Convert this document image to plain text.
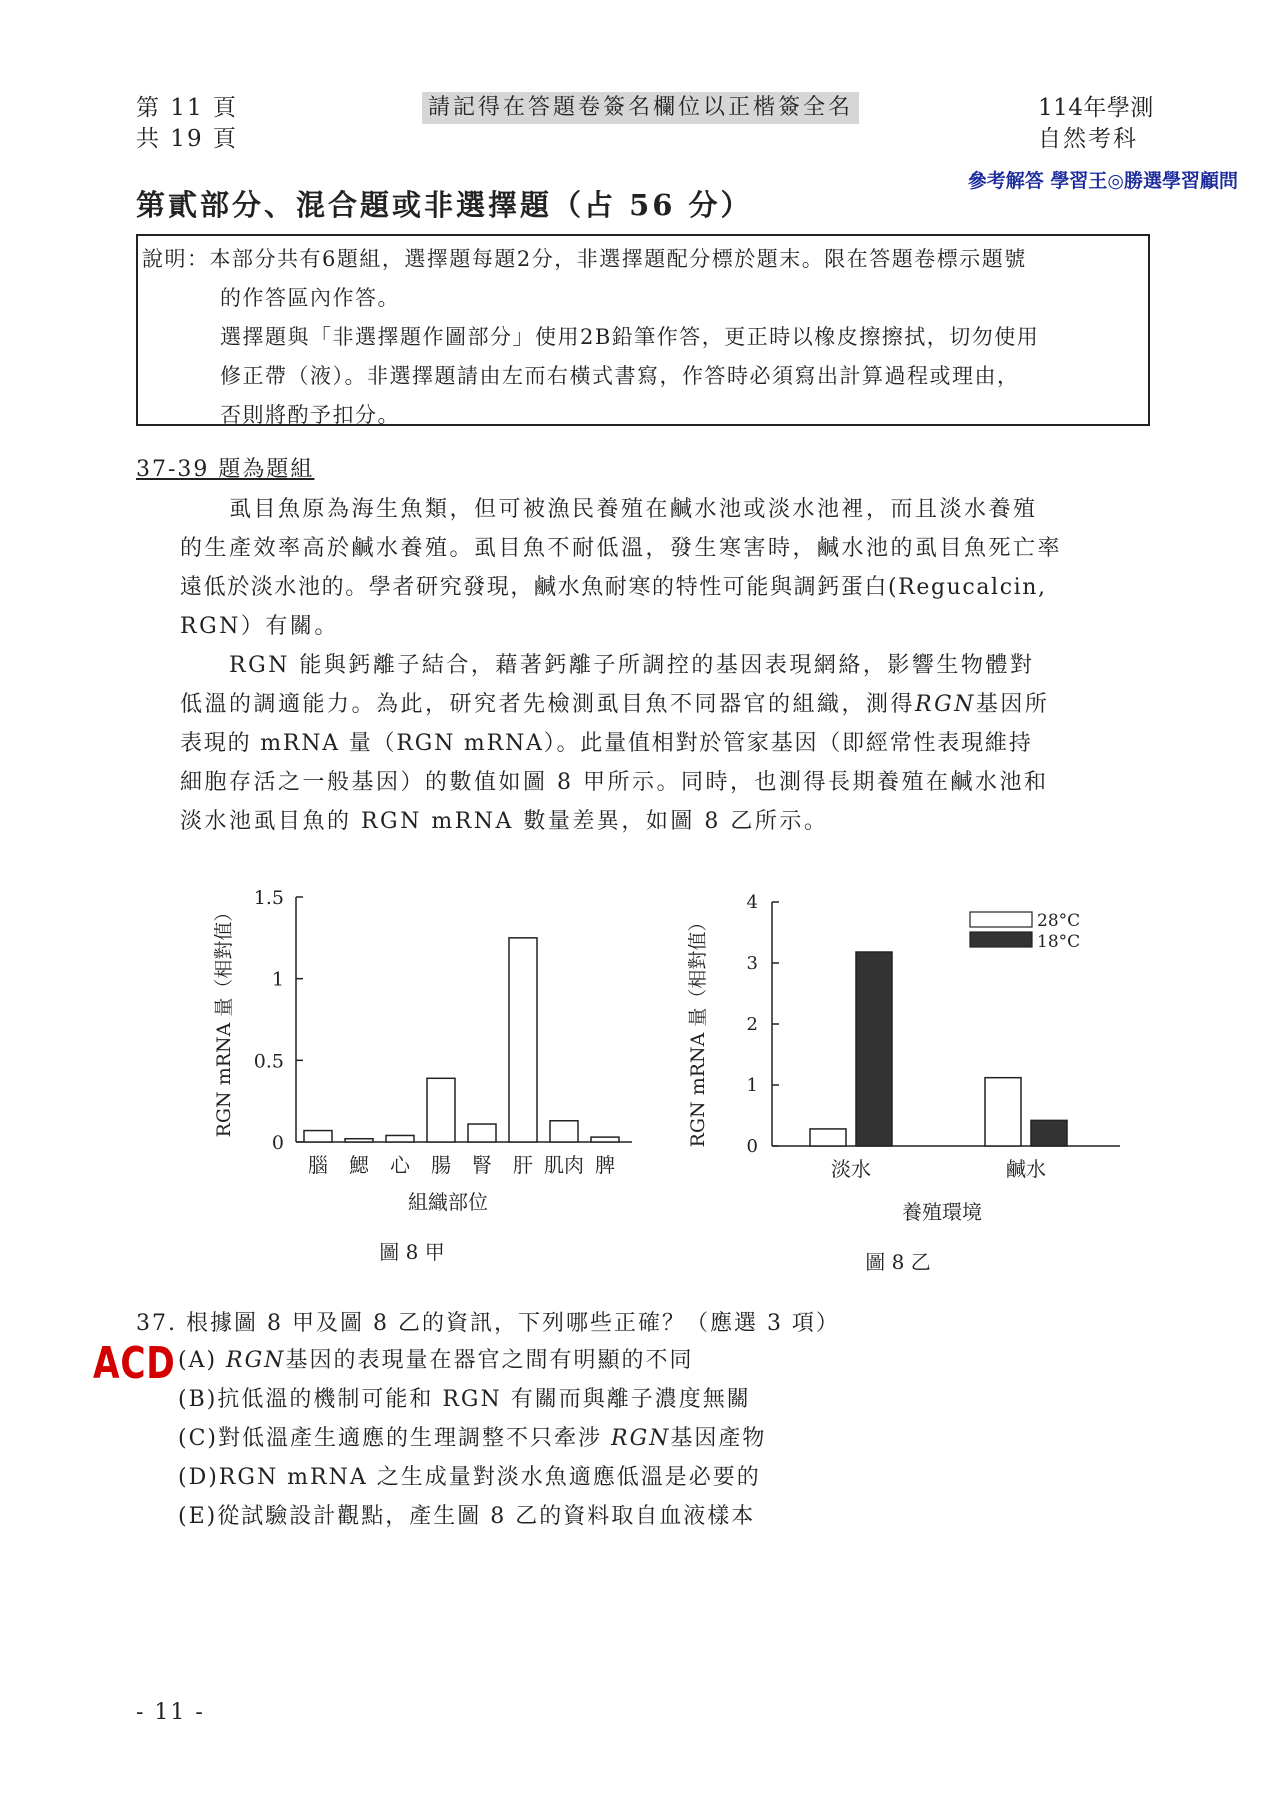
第 11 頁
共 19 頁
請記得在答題卷簽名欄位以正楷簽全名	114年學測
自然考科
參考解答 學習王◎勝選學習顧問
第貳部分、混合題或非選擇題（占 56 分）
說明：本部分共有6題組，選擇題每題2分，非選擇題配分標於題末。限在答題卷標示題號
的作答區內作答。
選擇題與「非選擇題作圖部分」使用2B鉛筆作答，更正時以橡皮擦擦拭，切勿使用
修正帶（液）。非選擇題請由左而右橫式書寫，作答時必須寫出計算過程或理由，
否則將酌予扣分。
37-39 題為題組
　　虱目魚原為海生魚類，但可被漁民養殖在鹹水池或淡水池裡，而且淡水養殖
的生產效率高於鹹水養殖。虱目魚不耐低溫，發生寒害時，鹹水池的虱目魚死亡率
遠低於淡水池的。學者研究發現，鹹水魚耐寒的特性可能與調鈣蛋白(Regucalcin,
RGN）有關。
　　RGN 能與鈣離子結合，藉著鈣離子所調控的基因表現網絡，影響生物體對
低溫的調適能力。為此，研究者先檢測虱目魚不同器官的組織，測得RGN基因所
表現的 mRNA 量（RGN mRNA）。此量值相對於管家基因（即經常性表現維持
細胞存活之一般基因）的數值如圖 8 甲所示。同時，也測得長期養殖在鹹水池和
淡水池虱目魚的 RGN mRNA 數量差異，如圖 8 乙所示。
0
0.5
1
1.5
腦 鰓 心 腸 腎 肝 肌肉 脾
RGN mRNA 量（相對值）
組織部位
圖 8 甲
0
1
2
3
4
淡水	鹹水
28°C
18°C
RGN mRNA 量（相對值）
養殖環境
圖 8 乙
37. 根據圖 8 甲及圖 8 乙的資訊，下列哪些正確？（應選 3 項）
ACD (A) RGN基因的表現量在器官之間有明顯的不同
(B)抗低溫的機制可能和 RGN 有關而與離子濃度無關
(C)對低溫產生適應的生理調整不只牽涉 RGN基因產物
(D)RGN mRNA 之生成量對淡水魚適應低溫是必要的
(E)從試驗設計觀點，產生圖 8 乙的資料取自血液樣本
- 11 -
